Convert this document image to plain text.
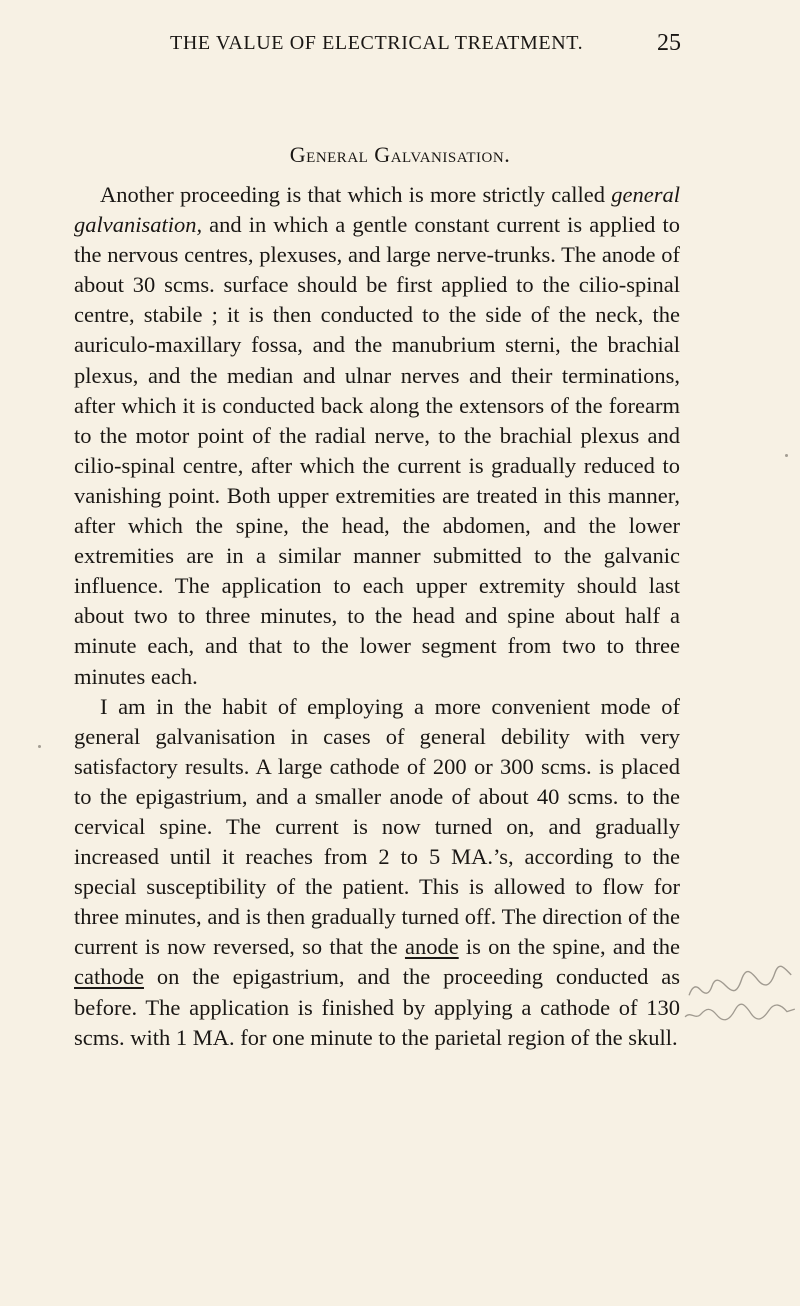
THE VALUE OF ELECTRICAL TREATMENT.	25
General Galvanisation.

Another proceeding is that which is more strictly called general galvanisation, and in which a gentle constant current is applied to the nervous centres, plexuses, and large nerve-trunks. The anode of about 30 scms. surface should be first applied to the cilio-spinal centre, stabile ; it is then conducted to the side of the neck, the auriculo-maxillary fossa, and the manubrium sterni, the brachial plexus, and the median and ulnar nerves and their terminations, after which it is conducted back along the extensors of the forearm to the motor point of the radial nerve, to the brachial plexus and cilio-spinal centre, after which the current is gradually reduced to vanishing point. Both upper extremities are treated in this manner, after which the spine, the head, the abdomen, and the lower extremities are in a similar manner submitted to the galvanic influence. The application to each upper extremity should last about two to three minutes, to the head and spine about half a minute each, and that to the lower segment from two to three minutes each.

I am in the habit of employing a more convenient mode of general galvanisation in cases of general debility with very satisfactory results. A large cathode of 200 or 300 scms. is placed to the epigastrium, and a smaller anode of about 40 scms. to the cervical spine. The current is now turned on, and gradually increased until it reaches from 2 to 5 MA.’s, according to the special susceptibility of the patient. This is allowed to flow for three minutes, and is then gradually turned off. The direction of the current is now reversed, so that the anode is on the spine, and the cathode on the epigastrium, and the proceeding conducted as before. The application is finished by applying a cathode of 130 scms. with 1 MA. for one minute to the parietal region of the skull.
